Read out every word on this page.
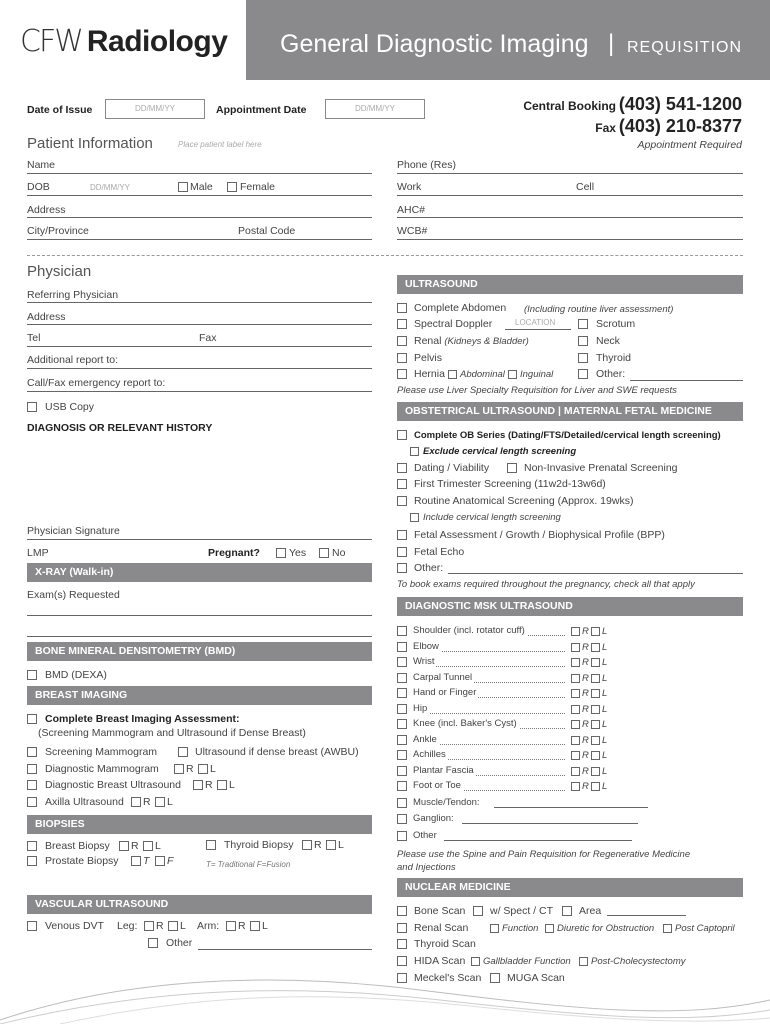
CFW Radiology General Diagnostic Imaging | REQUISITION
Date of Issue	DD/MM/YY	Appointment Date	DD/MM/YY	Central Booking (403) 541-1200
Fax (403) 210-8377
Appointment Required
Patient Information	Place patient label here
Name
DOB	DD/MM/YY	Male	Female
Address
City/Province	Postal Code
Phone (Res)
Work	Cell
AHC#
WCB#
Physician
Referring Physician
Address
Tel	Fax
Additional report to:
Call/Fax emergency report to:
USB Copy
DIAGNOSIS OR RELEVANT HISTORY
Physician Signature
LMP	Pregnant?	Yes No
X-RAY (Walk-in)
Exam(s) Requested
BONE MINERAL DENSITOMETRY (BMD)
BMD (DEXA)
BREAST IMAGING
Complete Breast Imaging Assessment:
(Screening Mammogram and Ultrasound if Dense Breast)
Screening Mammogram	Ultrasound if dense breast (AWBU)
Diagnostic Mammogram	R L
Diagnostic Breast Ultrasound R L
Axilla Ultrasound R L
BIOPSIES
Breast Biopsy R L	Thyroid Biopsy R L
Prostate Biopsy T F	T= Traditional F=Fusion
VASCULAR ULTRASOUND
Venous DVT Leg: R L Arm: R L
Other
ULTRASOUND
Complete Abdomen (Including routine liver assessment)
Spectral Doppler	LOCATION	Scrotum
Renal (Kidneys & Bladder)	Neck
Pelvis	Thyroid
Hernia Abdominal Inguinal	Other:
Please use Liver Specialty Requisition for Liver and SWE requests
OBSTETRICAL ULTRASOUND | MATERNAL FETAL MEDICINE
Complete OB Series (Dating/FTS/Detailed/cervical length screening)
Exclude cervical length screening
Dating / Viability	Non-Invasive Prenatal Screening
First Trimester Screening (11w2d-13w6d)
Routine Anatomical Screening (Approx. 19wks)
Include cervical length screening
Fetal Assessment / Growth / Biophysical Profile (BPP)
Fetal Echo
Other:
To book exams required throughout the pregnancy, check all that apply
DIAGNOSTIC MSK ULTRASOUND
Shoulder (incl. rotator cuff)	R L
Elbow	R L
Wrist	R L
Carpal Tunnel	R L
Hand or Finger	R L
Hip	R L
Knee (incl. Baker's Cyst)	R L
Ankle	R L
Achilles	R L
Plantar Fascia	R L
Foot or Toe	R L
Muscle/Tendon:
Ganglion:
Other
Please use the Spine and Pain Requisition for Regenerative Medicine and Injections
NUCLEAR MEDICINE
Bone Scan w/ Spect / CT Area
Renal Scan	Function Diuretic for Obstruction Post Captopril
Thyroid Scan
HIDA Scan Gallbladder Function Post-Cholecystectomy
Meckel's Scan MUGA Scan
